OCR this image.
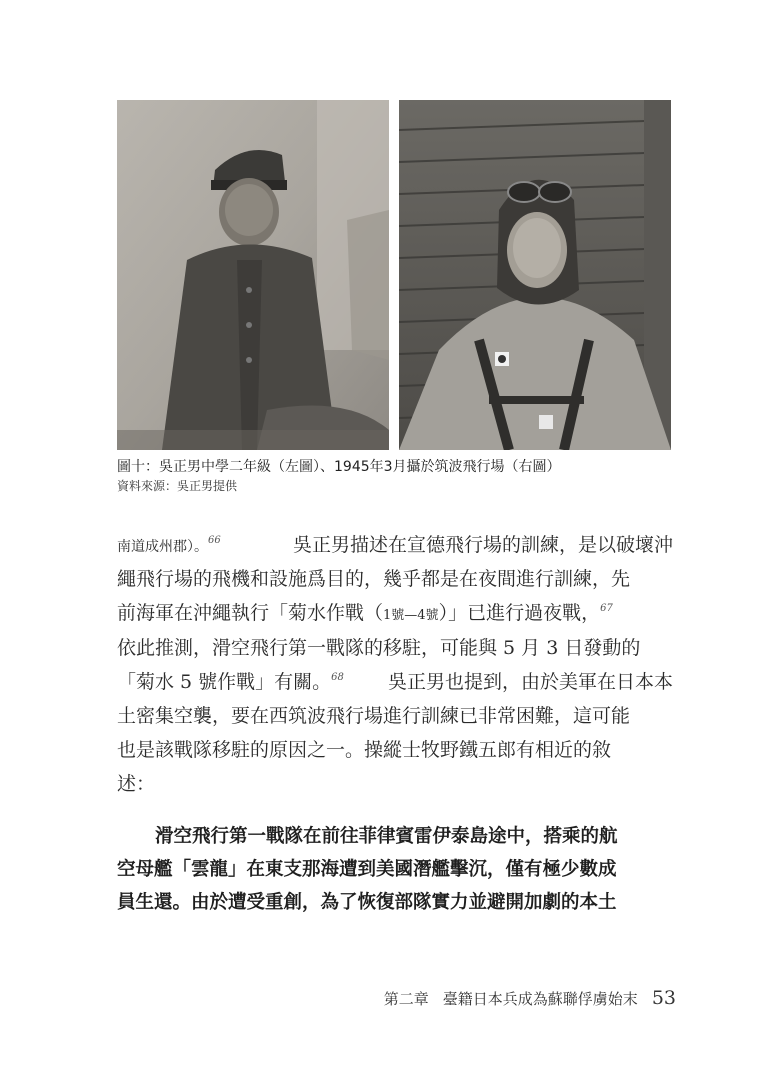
圖十：吳正男中學二年級（左圖）、1945年3月攝於筑波飛行場（右圖）
資料來源：吳正男提供
南道成州郡）。$^{66}$	吳正男描述在宣德飛行場的訓練，是以破壞沖
繩飛行場的飛機和設施爲目的，幾乎都是在夜間進行訓練，先
前海軍在沖繩執行「菊水作戰（1號—4號）」已進行過夜戰，$^{67}$
依此推測，滑空飛行第一戰隊的移駐，可能與 5 月 3 日發動的
「菊水 5 號作戰」有關。$^{68}$ 吳正男也提到，由於美軍在日本本
土密集空襲，要在西筑波飛行場進行訓練已非常困難，這可能
也是該戰隊移駐的原因之一。操縱士牧野鐵五郎有相近的敘
述：
滑空飛行第一戰隊在前往菲律賓雷伊泰島途中，搭乘的航
空母艦「雲龍」在東支那海遭到美國潛艦擊沉，僅有極少數成
員生還。由於遭受重創，為了恢復部隊實力並避開加劇的本土
第二章 臺籍日本兵成為蘇聯俘虜始末 53
